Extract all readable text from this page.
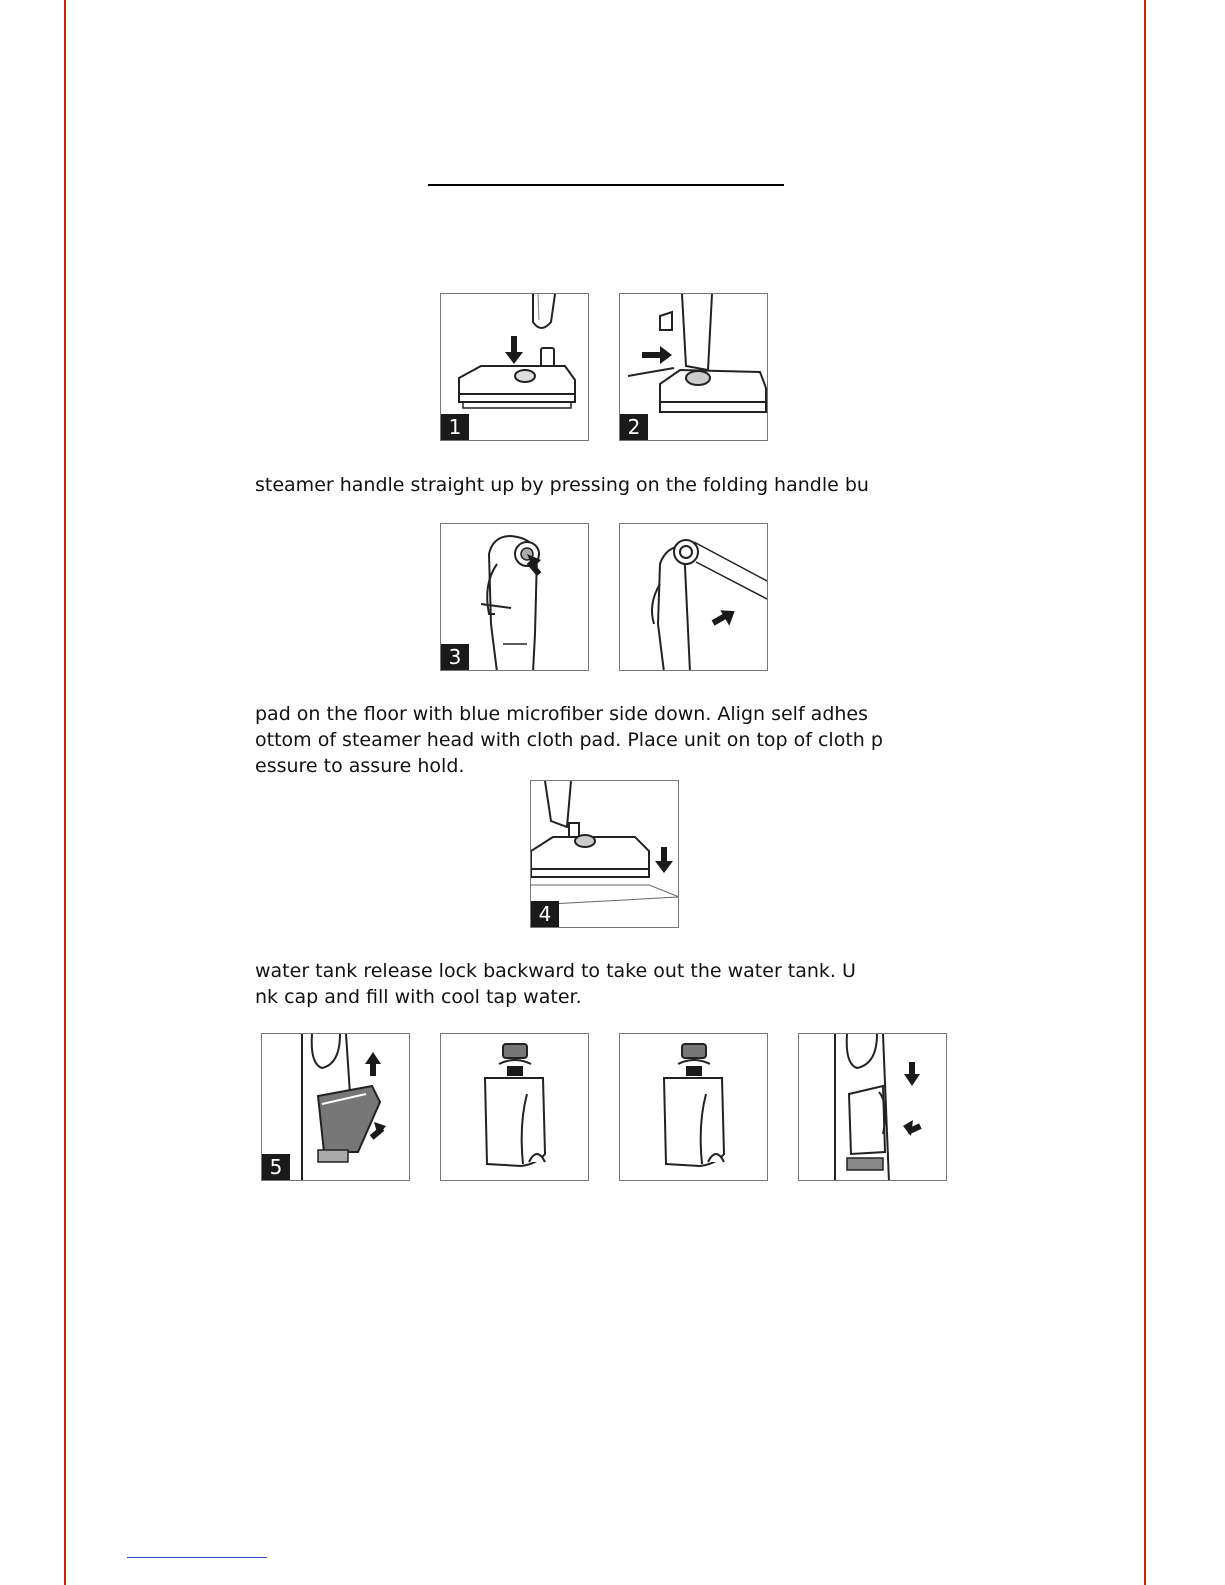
1	2
steamer handle straight up by pressing on the folding handle bu
3
pad on the floor with blue microfiber side down. Align self adhes
ottom of steamer head with cloth pad. Place unit on top of cloth p
essure to assure hold.
4
water tank release lock backward to take out the water tank. U
nk cap and fill with cool tap water.
5
